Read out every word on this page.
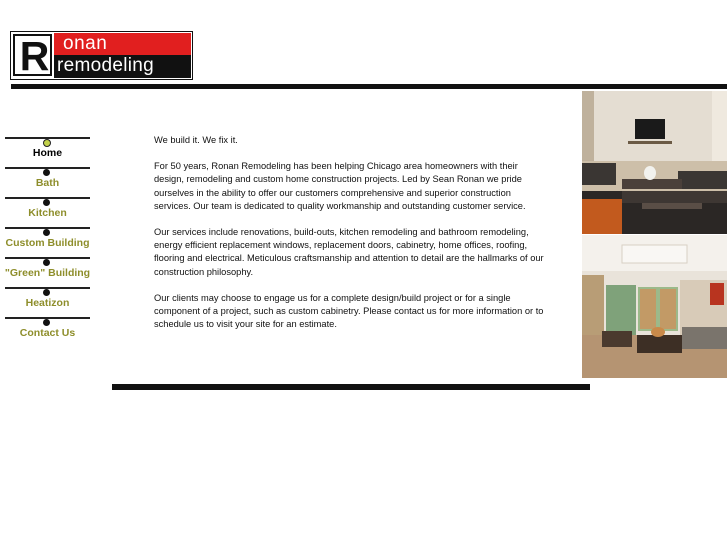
R onan
remodeling
Home
Bath
Kitchen
Custom Building
"Green" Building
Heatizon
Contact Us

We build it. We fix it.

For 50 years, Ronan Remodeling has been helping Chicago area homeowners with their design, remodeling and custom home construction projects. Led by Sean Ronan we pride ourselves in the ability to offer our customers comprehensive and superior construction services. Our team is dedicated to quality workmanship and outstanding customer service.

Our services include renovations, build-outs, kitchen remodeling and bathroom remodeling, energy efficient replacement windows, replacement doors, cabinetry, home offices, roofing, flooring and electrical. Meticulous craftsmanship and attention to detail are the hallmarks of our construction philosophy.

Our clients may choose to engage us for a complete design/build project or for a single component of a project, such as custom cabinetry. Please contact us for more information or to schedule us to visit your site for an estimate.
